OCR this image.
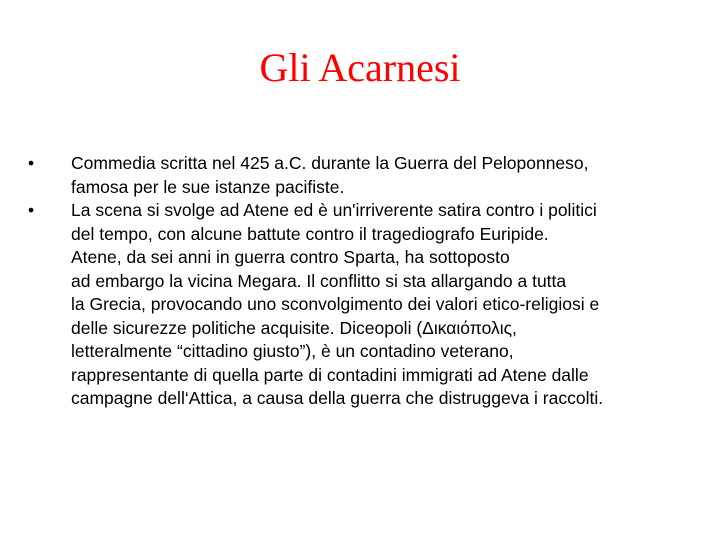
Gli Acarnesi
•	Commedia scritta nel 425 a.C. durante la Guerra del Peloponneso,
famosa per le sue istanze pacifiste.
•	La scena si svolge ad Atene ed è un'irriverente satira contro i politici
del tempo, con alcune battute contro il tragediografo Euripide.
Atene, da sei anni in guerra contro Sparta, ha sottoposto
ad embargo la vicina Megara. Il conflitto si sta allargando a tutta
la Grecia, provocando uno sconvolgimento dei valori etico-religiosi e
delle sicurezze politiche acquisite. Diceopoli (Δικαιόπολις,
letteralmente “cittadino giusto”), è un contadino veterano,
rappresentante di quella parte di contadini immigrati ad Atene dalle
campagne dell‘Attica, a causa della guerra che distruggeva i raccolti.
